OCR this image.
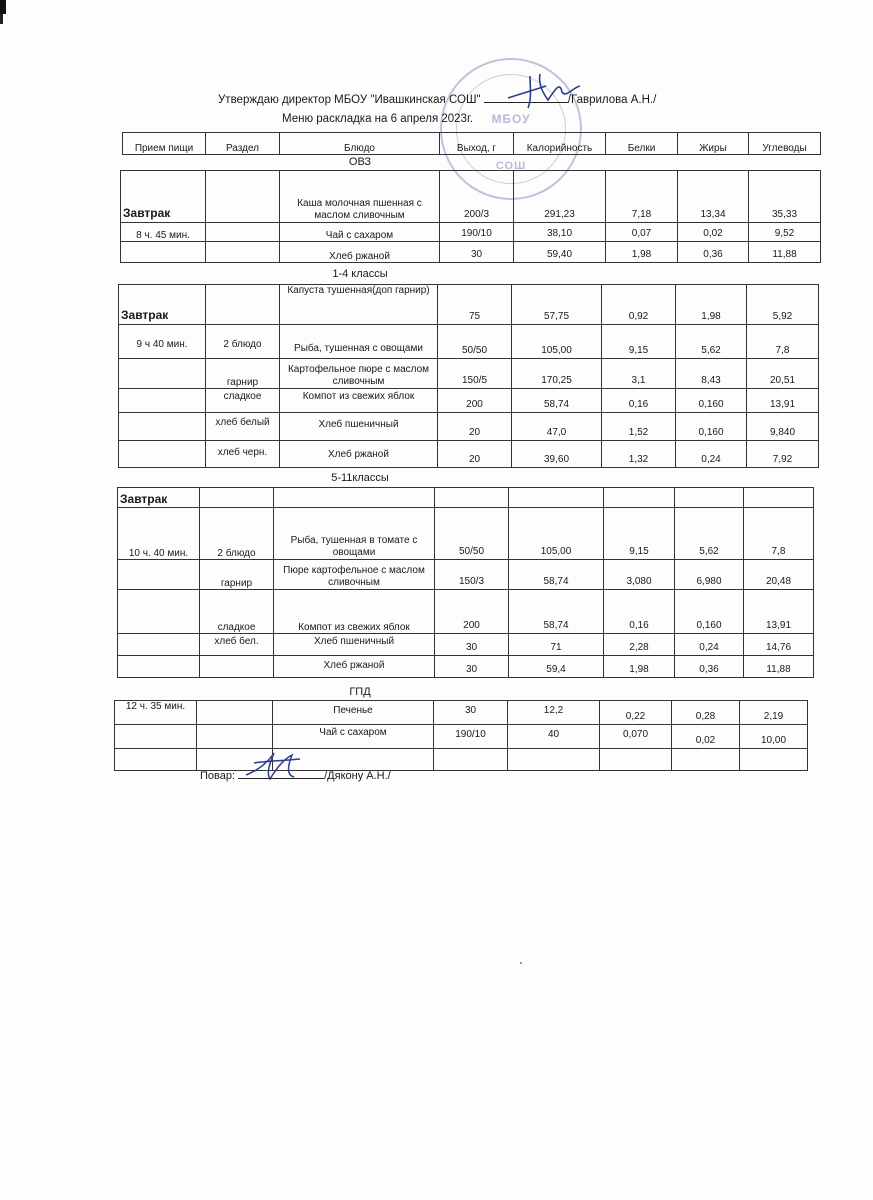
МБОУ
СОШ
Утверждаю директор МБОУ "Ивашкинская СОШ"	/Гаврилова А.Н./
Меню раскладка на 6 апреля 2023г.
Прием пищи	Раздел	Блюдо	Выход, г	Калорийность	Белки	Жиры	Углеводы
ОВЗ
Завтрак		Каша молочная пшенная с маслом сливочным	200/3	291,23	7,18	13,34	35,33
8 ч. 45 мин.		Чай с сахаром	190/10	38,10	0,07	0,02	9,52
		Хлеб ржаной	30	59,40	1,98	0,36	11,88
1-4 классы
Завтрак		Капуста тушенная(доп гарнир)	75	57,75	0,92	1,98	5,92
9 ч 40 мин.	2 блюдо	Рыба, тушенная с овощами	50/50	105,00	9,15	5,62	7,8
	гарнир	Картофельное пюре с маслом сливочным	150/5	170,25	3,1	8,43	20,51
	сладкое	Компот из свежих яблок	200	58,74	0,16	0,160	13,91
	хлеб белый	Хлеб пшеничный	20	47,0	1,52	0,160	9,840
	хлеб черн.	Хлеб ржаной	20	39,60	1,32	0,24	7,92
5-11классы
Завтрак							
10 ч. 40 мин.	2 блюдо	Рыба, тушенная в томате с овощами	50/50	105,00	9,15	5,62	7,8
	гарнир	Пюре картофельное с маслом сливочным	150/3	58,74	3,080	6,980	20,48
	сладкое	Компот из свежих яблок	200	58,74	0,16	0,160	13,91
	хлеб бел.	Хлеб пшеничный	30	71	2,28	0,24	14,76
		Хлеб ржаной	30	59,4	1,98	0,36	11,88
ГПД
12 ч. 35 мин.		Печенье	30	12,2	0,22	0,28	2,19
		Чай с сахаром	190/10	40	0,070	0,02	10,00

Повар:	/Дякону А.Н./
